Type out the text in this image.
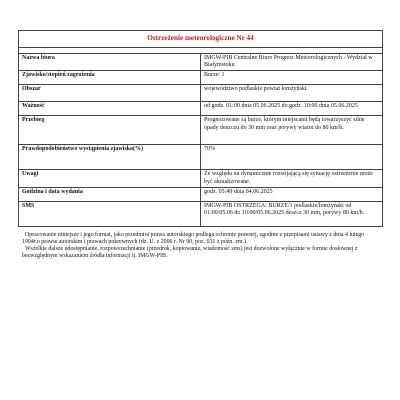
Ostrzeżenie meteorologiczne Nr 44	

Nazwa biura	IMGW-PIB Centralne Biuro Prognoz Meteorologicznych - Wydział w Białymstoku
Zjawisko/stopień zagrożenia	Burze/ 1
Obszar	województwo podlaskie powiat łomżyński
Ważność	od godz. 01:00 dnia 05.06.2025 do godz. 10:00 dnia 05.06.2025
Przebieg	Prognozowane są burze, którym miejscami będą towarzyszyć silne opady deszczu do 30 mm oraz porywy wiatru do 80 km/h.
Prawdopodobieństwo wystąpienia zjawiska(%)	70%
Uwagi	Ze względu na dynamicznie rozwijającą się sytuację ostrzeżenie może być aktualizowane.
Godzina i data wydania	godz. 05:49 dnia 04.06.2025
SMS	IMGW-PIB OSTRZEGA: BURZE/1 podlaskie/łomżyński od 01:00/05.06 do 10:00/05.06.2025 deszcz 30 mm, porywy 80 km/h.

Opracowanie niniejsze i jego format, jako przedmiot prawa autorskiego podlega ochronie prawnej, zgodnie z przepisami ustawy z dnia 4 lutego 1994r.o prawie autorskim i prawach pokrewnych (dz. U. z 2006 r. Nr 90, poz. 631 z późn. zm.).

Wszelkie dalsze udostępnianie, rozpowszechnianie (przedruk, kopiowanie, wiadomość sms) jest dozwolone wyłącznie w formie dosłownej z bezwzględnym wskazaniem źródła informacji tj. IMGW-PIB.
